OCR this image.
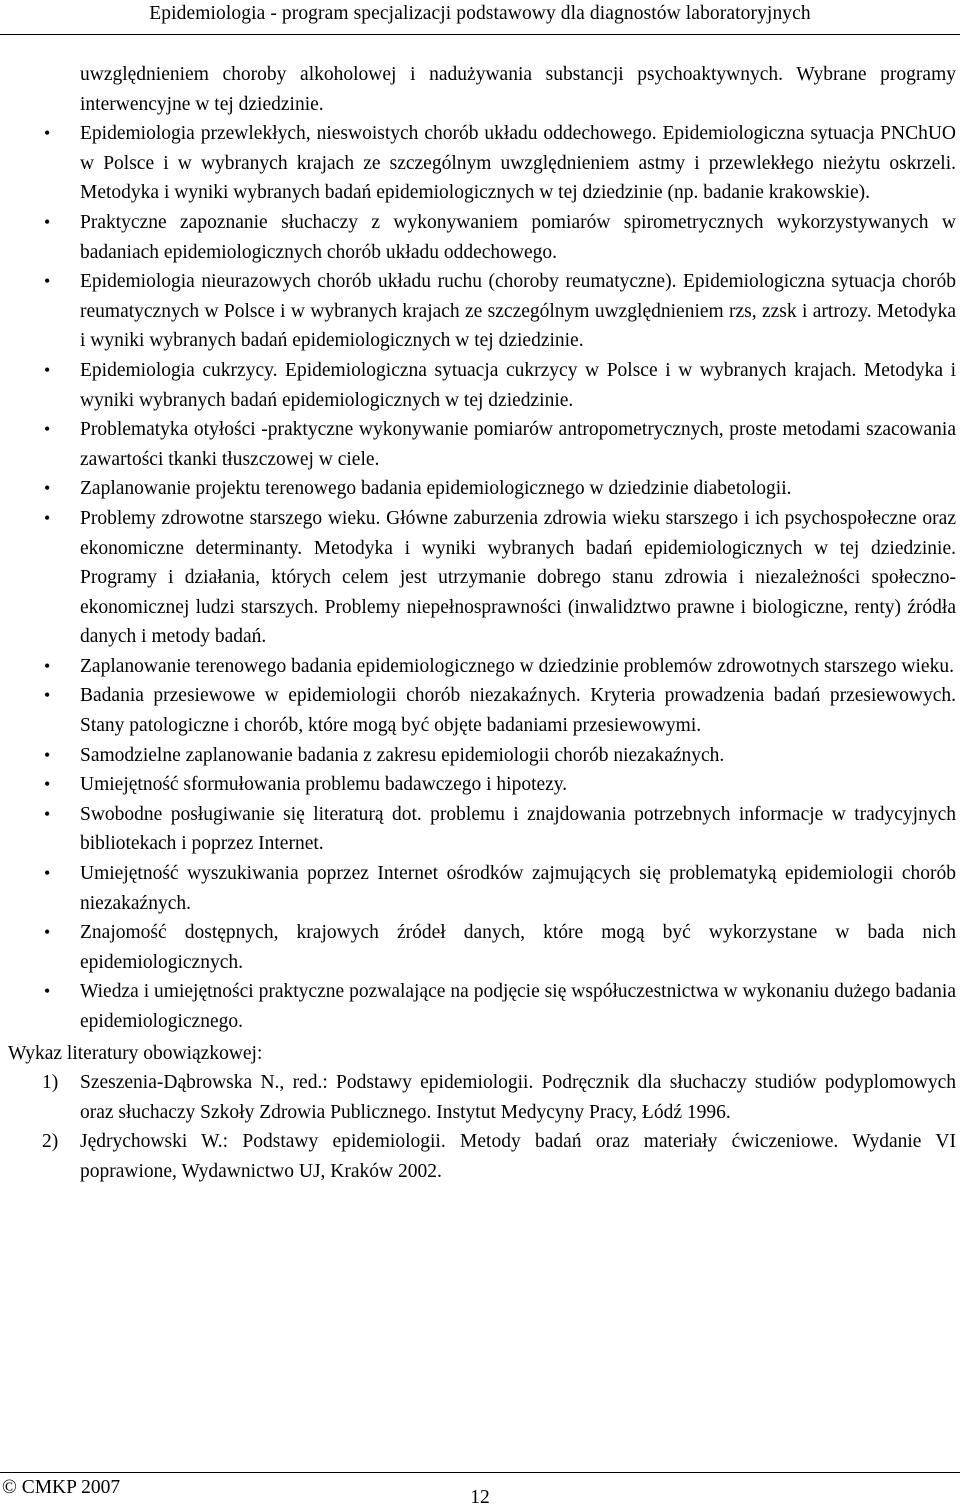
Epidemiologia - program specjalizacji podstawowy dla diagnostów laboratoryjnych
uwzględnieniem choroby alkoholowej i nadużywania substancji psychoaktywnych. Wybrane programy interwencyjne w tej dziedzinie.
• Epidemiologia przewlekłych, nieswoistych chorób układu oddechowego. Epidemiologiczna sytuacja PNChUO w Polsce i w wybranych krajach ze szczególnym uwzględnieniem astmy i przewlekłego nieżytu oskrzeli. Metodyka i wyniki wybranych badań epidemiologicznych w tej dziedzinie (np. badanie krakowskie).
• Praktyczne zapoznanie słuchaczy z wykonywaniem pomiarów spirometrycznych wykorzystywanych w badaniach epidemiologicznych chorób układu oddechowego.
• Epidemiologia nieurazowych chorób układu ruchu (choroby reumatyczne). Epidemiologiczna sytuacja chorób reumatycznych w Polsce i w wybranych krajach ze szczególnym uwzględnieniem rzs, zzsk i artrozy. Metodyka i wyniki wybranych badań epidemiologicznych w tej dziedzinie.
• Epidemiologia cukrzycy. Epidemiologiczna sytuacja cukrzycy w Polsce i w wybranych krajach. Metodyka i wyniki wybranych badań epidemiologicznych w tej dziedzinie.
• Problematyka otyłości -praktyczne wykonywanie pomiarów antropometrycznych, proste metodami szacowania zawartości tkanki tłuszczowej w ciele.
• Zaplanowanie projektu terenowego badania epidemiologicznego w dziedzinie diabetologii.
• Problemy zdrowotne starszego wieku. Główne zaburzenia zdrowia wieku starszego i ich psychospołeczne oraz ekonomiczne determinanty. Metodyka i wyniki wybranych badań epidemiologicznych w tej dziedzinie. Programy i działania, których celem jest utrzymanie dobrego stanu zdrowia i niezależności społeczno-ekonomicznej ludzi starszych. Problemy niepełnosprawności (inwalidztwo prawne i biologiczne, renty) źródła danych i metody badań.
• Zaplanowanie terenowego badania epidemiologicznego w dziedzinie problemów zdrowotnych starszego wieku.
• Badania przesiewowe w epidemiologii chorób niezakaźnych. Kryteria prowadzenia badań przesiewowych. Stany patologiczne i chorób, które mogą być objęte badaniami przesiewowymi.
• Samodzielne zaplanowanie badania z zakresu epidemiologii chorób niezakaźnych.
• Umiejętność sformułowania problemu badawczego i hipotezy.
• Swobodne posługiwanie się literaturą dot. problemu i znajdowania potrzebnych informacje w tradycyjnych bibliotekach i poprzez Internet.
• Umiejętność wyszukiwania poprzez Internet ośrodków zajmujących się problematyką epidemiologii chorób niezakaźnych.
• Znajomość dostępnych, krajowych źródeł danych, które mogą być wykorzystane w bada nich epidemiologicznych.
• Wiedza i umiejętności praktyczne pozwalające na podjęcie się współuczestnictwa w wykonaniu dużego badania epidemiologicznego.
Wykaz literatury obowiązkowej:
1) Szeszenia-Dąbrowska N., red.: Podstawy epidemiologii. Podręcznik dla słuchaczy studiów podyplomowych oraz słuchaczy Szkoły Zdrowia Publicznego. Instytut Medycyny Pracy, Łódź 1996.
2) Jędrychowski W.: Podstawy epidemiologii. Metody badań oraz materiały ćwiczeniowe. Wydanie VI poprawione, Wydawnictwo UJ, Kraków 2002.
© CMKP 2007	12
